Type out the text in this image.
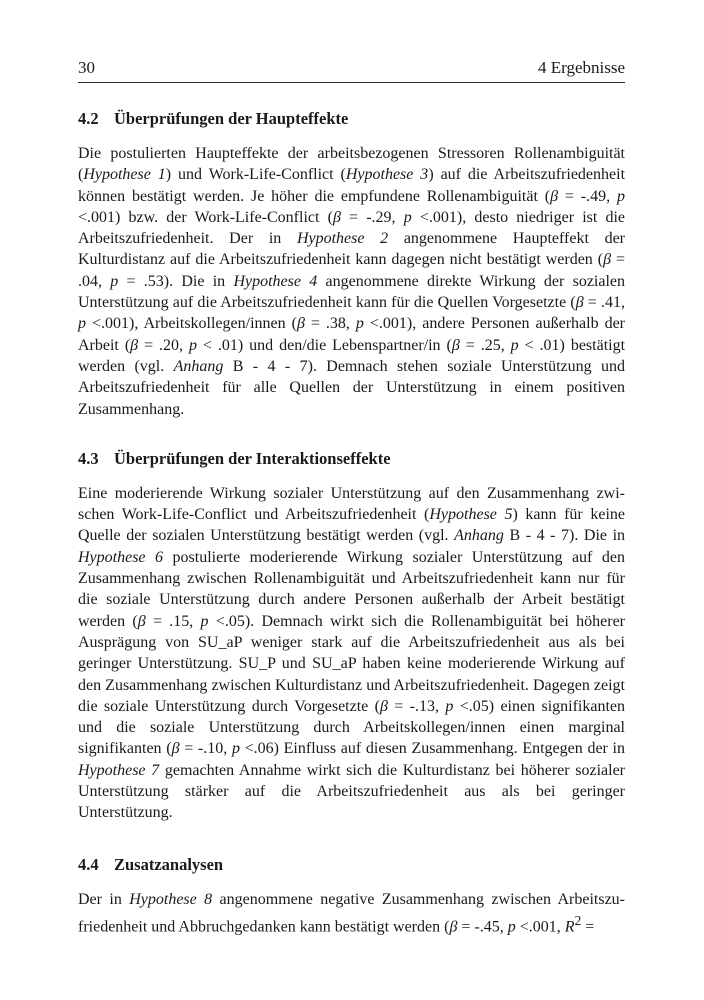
30	4 Ergebnisse
4.2 Überprüfungen der Haupteffekte

Die postulierten Haupteffekte der arbeitsbezogenen Stressoren Rollenambiguität (Hypothese 1) und Work-Life-Conflict (Hypothese 3) auf die Arbeitszufriedenheit können bestätigt werden. Je höher die empfundene Rollenambiguität (β = -.49, p <.001) bzw. der Work-Life-Conflict (β = -.29, p <.001), desto niedriger ist die Arbeitszufriedenheit. Der in Hypothese 2 angenommene Haupteffekt der Kulturdistanz auf die Arbeitszufriedenheit kann dagegen nicht bestätigt werden (β = .04, p = .53). Die in Hypothese 4 angenommene direkte Wirkung der sozialen Unterstützung auf die Arbeitszufriedenheit kann für die Quellen Vorgesetzte (β = .41, p <.001), Arbeitskollegen/innen (β = .38, p <.001), andere Personen außerhalb der Arbeit (β = .20, p < .01) und den/die Lebenspartner/in (β = .25, p < .01) bestätigt werden (vgl. Anhang B - 4 - 7). Demnach stehen soziale Unterstützung und Arbeitszufriedenheit für alle Quellen der Unterstützung in einem positiven Zusammenhang.

4.3 Überprüfungen der Interaktionseffekte

Eine moderierende Wirkung sozialer Unterstützung auf den Zusammenhang zwischen Work-Life-Conflict und Arbeitszufriedenheit (Hypothese 5) kann für keine Quelle der sozialen Unterstützung bestätigt werden (vgl. Anhang B - 4 - 7). Die in Hypothese 6 postulierte moderierende Wirkung sozialer Unterstützung auf den Zusammenhang zwischen Rollenambiguität und Arbeitszufriedenheit kann nur für die soziale Unterstützung durch andere Personen außerhalb der Arbeit bestätigt werden (β = .15, p <.05). Demnach wirkt sich die Rollenambiguität bei höherer Ausprägung von SU_aP weniger stark auf die Arbeitszufriedenheit aus als bei geringer Unterstützung. SU_P und SU_aP haben keine moderierende Wirkung auf den Zusammenhang zwischen Kulturdistanz und Arbeitszufriedenheit. Dagegen zeigt die soziale Unterstützung durch Vorgesetzte (β = -.13, p <.05) einen signifikanten und die soziale Unterstützung durch Arbeitskollegen/innen einen marginal signifikanten (β = -.10, p <.06) Einfluss auf diesen Zusammenhang. Entgegen der in Hypothese 7 gemachten Annahme wirkt sich die Kulturdistanz bei höherer sozialer Unterstützung stärker auf die Arbeitszufriedenheit aus als bei geringer Unterstützung.

4.4 Zusatzanalysen

Der in Hypothese 8 angenommene negative Zusammenhang zwischen Arbeitszufriedenheit und Abbruchgedanken kann bestätigt werden (β = -.45, p <.001, $R^2$ =
